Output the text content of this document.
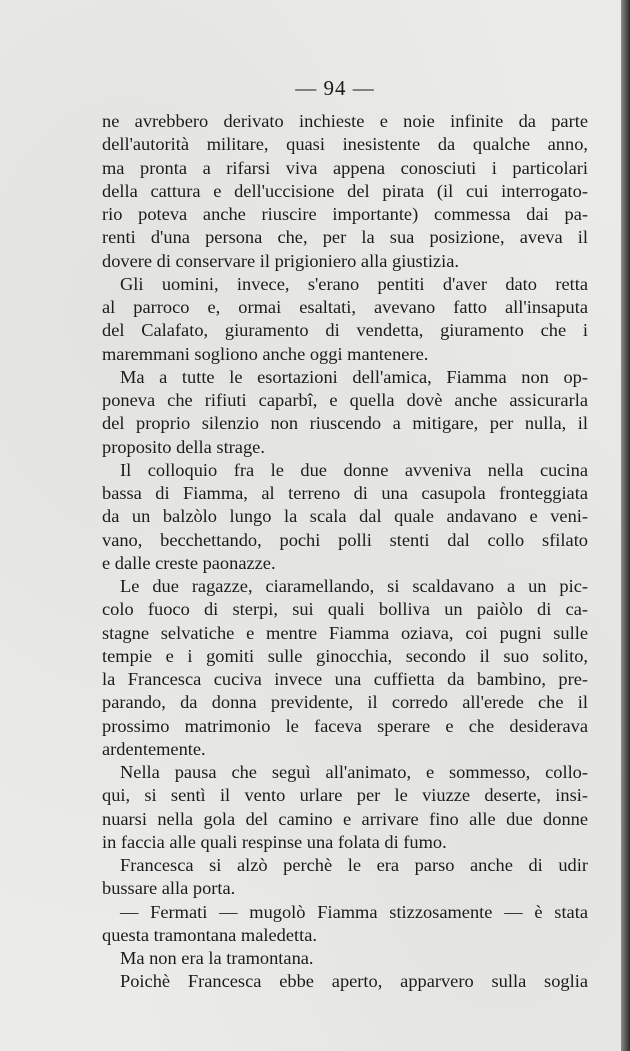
— 94 —
ne avrebbero derivato inchieste e noie infinite da parte
dell'autorità militare, quasi inesistente da qualche anno,
ma pronta a rifarsi viva appena conosciuti i particolari
della cattura e dell'uccisione del pirata (il cui interrogato-
rio poteva anche riuscire importante) commessa dai pa-
renti d'una persona che, per la sua posizione, aveva il
dovere di conservare il prigioniero alla giustizia.
Gli uomini, invece, s'erano pentiti d'aver dato retta
al parroco e, ormai esaltati, avevano fatto all'insaputa
del Calafato, giuramento di vendetta, giuramento che i
maremmani sogliono anche oggi mantenere.
Ma a tutte le esortazioni dell'amica, Fiamma non op-
poneva che rifiuti caparbî, e quella dovè anche assicurarla
del proprio silenzio non riuscendo a mitigare, per nulla, il
proposito della strage.
Il colloquio fra le due donne avveniva nella cucina
bassa di Fiamma, al terreno di una casupola fronteggiata
da un balzòlo lungo la scala dal quale andavano e veni-
vano, becchettando, pochi polli stenti dal collo sfilato
e dalle creste paonazze.
Le due ragazze, ciaramellando, si scaldavano a un pic-
colo fuoco di sterpi, sui quali bolliva un paiòlo di ca-
stagne selvatiche e mentre Fiamma oziava, coi pugni sulle
tempie e i gomiti sulle ginocchia, secondo il suo solito,
la Francesca cuciva invece una cuffietta da bambino, pre-
parando, da donna previdente, il corredo all'erede che il
prossimo matrimonio le faceva sperare e che desiderava
ardentemente.
Nella pausa che seguì all'animato, e sommesso, collo-
qui, si sentì il vento urlare per le viuzze deserte, insi-
nuarsi nella gola del camino e arrivare fino alle due donne
in faccia alle quali respinse una folata di fumo.
Francesca si alzò perchè le era parso anche di udir
bussare alla porta.
— Fermati — mugolò Fiamma stizzosamente — è stata
questa tramontana maledetta.
Ma non era la tramontana.
Poichè Francesca ebbe aperto, apparvero sulla soglia
